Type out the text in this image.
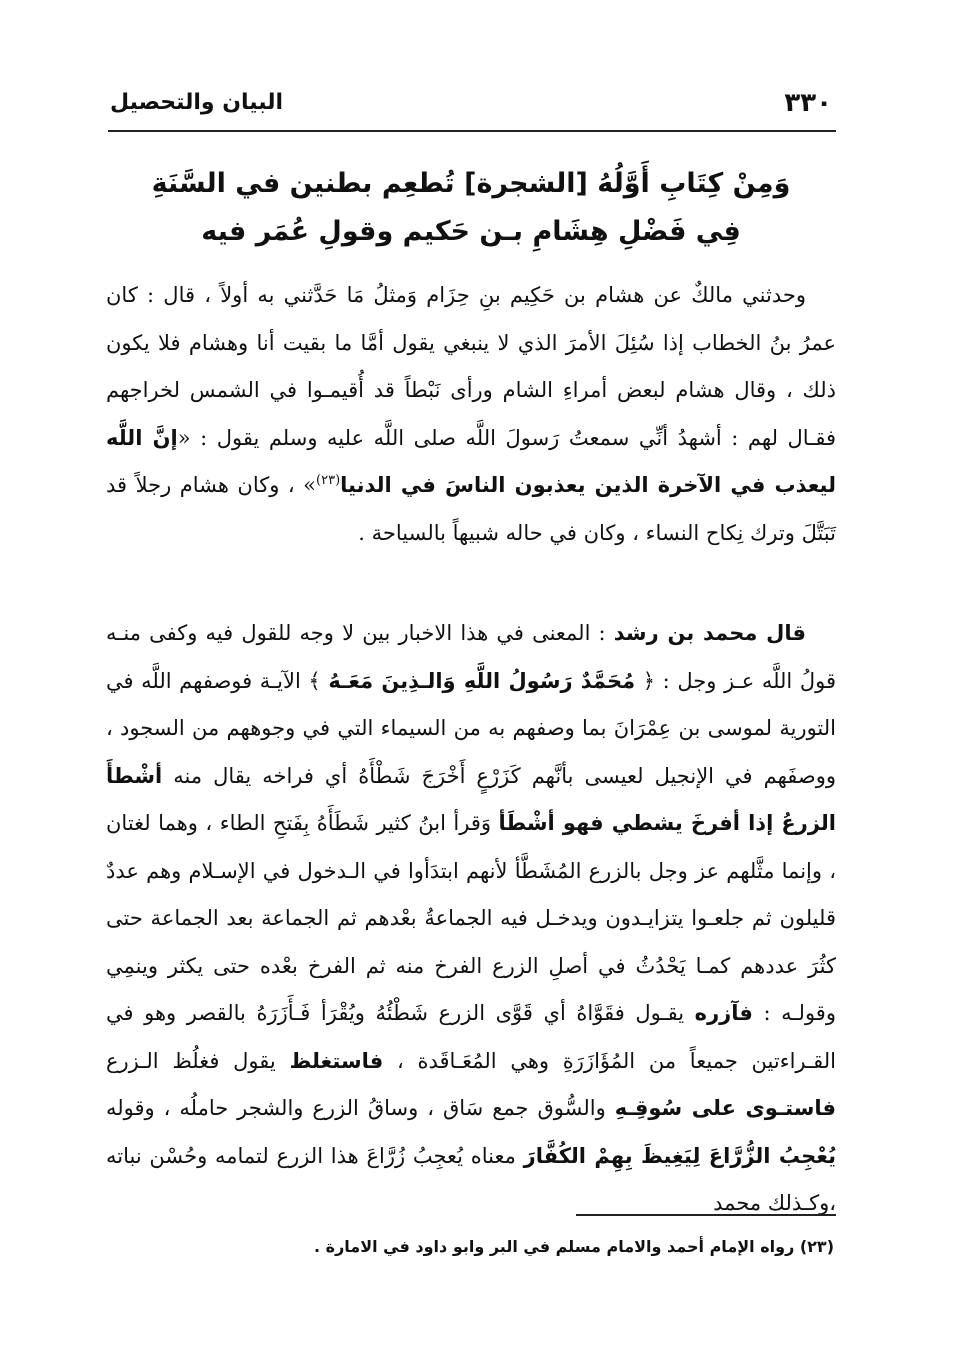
٣٣٠
البيان والتحصيل
وَمِنْ كِتَابِ أَوَّلُهُ [الشجرة] تُطعِم بطنين في السَّنَةِ
فِي فَضْلِ هِشَامِ بـن حَكيم وقولِ عُمَر فيه
وحدثني مالكٌ عن هشام بن حَكِيم بنِ حِزَام وَمثلُ مَا حَدَّثني به أولاً ، قال : كان عمرُ بنُ الخطاب إذا سُئِلَ الأمرَ الذي لا ينبغي يقول أمَّا ما بقيت أنا وهشام فلا يكون ذلك ، وقال هشام لبعض أمراءِ الشام ورأى نَبْطاً قد أُقيمـوا في الشمس لخراجهم فقـال لهم : أشهدُ أنِّي سمعتُ رَسولَ اللَّه صلى اللَّه عليه وسلم يقول : «إنَّ اللَّه ليعذب في الآخرة الذين يعذبون الناسَ في الدنيا$^{(٢٣)}$» ، وكان هشام رجلاً قد تَبَتَّلَ وترك نِكاح النساء ، وكان في حاله شبيهاً بالسياحة .
قال محمد بن رشد : المعنى في هذا الاخبار بين لا وجه للقول فيه وكفى منـه قولُ اللَّه عـز وجل : ﴿ مُحَمَّدٌ رَسُولُ اللَّهِ وَالـذِينَ مَعَـهُ ﴾ الآيـة فوصفهم اللَّه في التورية لموسى بن عِمْرَانَ بما وصفهم به من السيماء التي في وجوههم من السجود ، ووصفَهم في الإنجيل لعيسى بأنَّهم كَزَرْعٍ أَخْرَجَ شَطْأَهُ أي فراخه يقال منه أشْطأَ الزرعُ إذا أفرخَ يشطي فهو أشْطَأ وَقرأ ابنُ كثير شَطَأَهُ بِفَتحِ الطاء ، وهما لغتان ، وإنما مثَّلهم عز وجل بالزرع المُشَطَّأ لأنهم ابتدَأوا في الـدخول في الإسـلام وهم عددٌ قليلون ثم جلعـوا يتزايـدون ويدخـل فيه الجماعةُ بعْدهم ثم الجماعة بعد الجماعة حتى كثُرَ عددهم كمـا يَحْدُثُ في أصلِ الزرع الفرخ منه ثم الفرخ بعْده حتى يكثر وينمِي وقولـه : فآزره يقـول فقَوَّاهُ أي قَوَّى الزرع شَطْئُهُ ويُقْرَأ فَـأَزَرَهُ بالقصر وهو في القـراءتين جميعاً من المُؤَازَرَةِ وهي المُعَـاقَدة ، فاستغلظ يقول فغلُظ الـزرع فاستـوى على سُوقِـهِ والسُّوق جمع سَاق ، وساقُ الزرع والشجر حاملُه ، وقوله يُعْجِبُ الزُّرَّاعَ لِيَغِيظَ بِهِمْ الكُفَّارَ معناه يُعجِبُ زُرَّاعَ هذا الزرع لتمامه وحُسْن نباته ،وكـذلك محمد
(٢٣) رواه الإمام أحمد والامام مسلم في البر وابو داود في الامارة .
